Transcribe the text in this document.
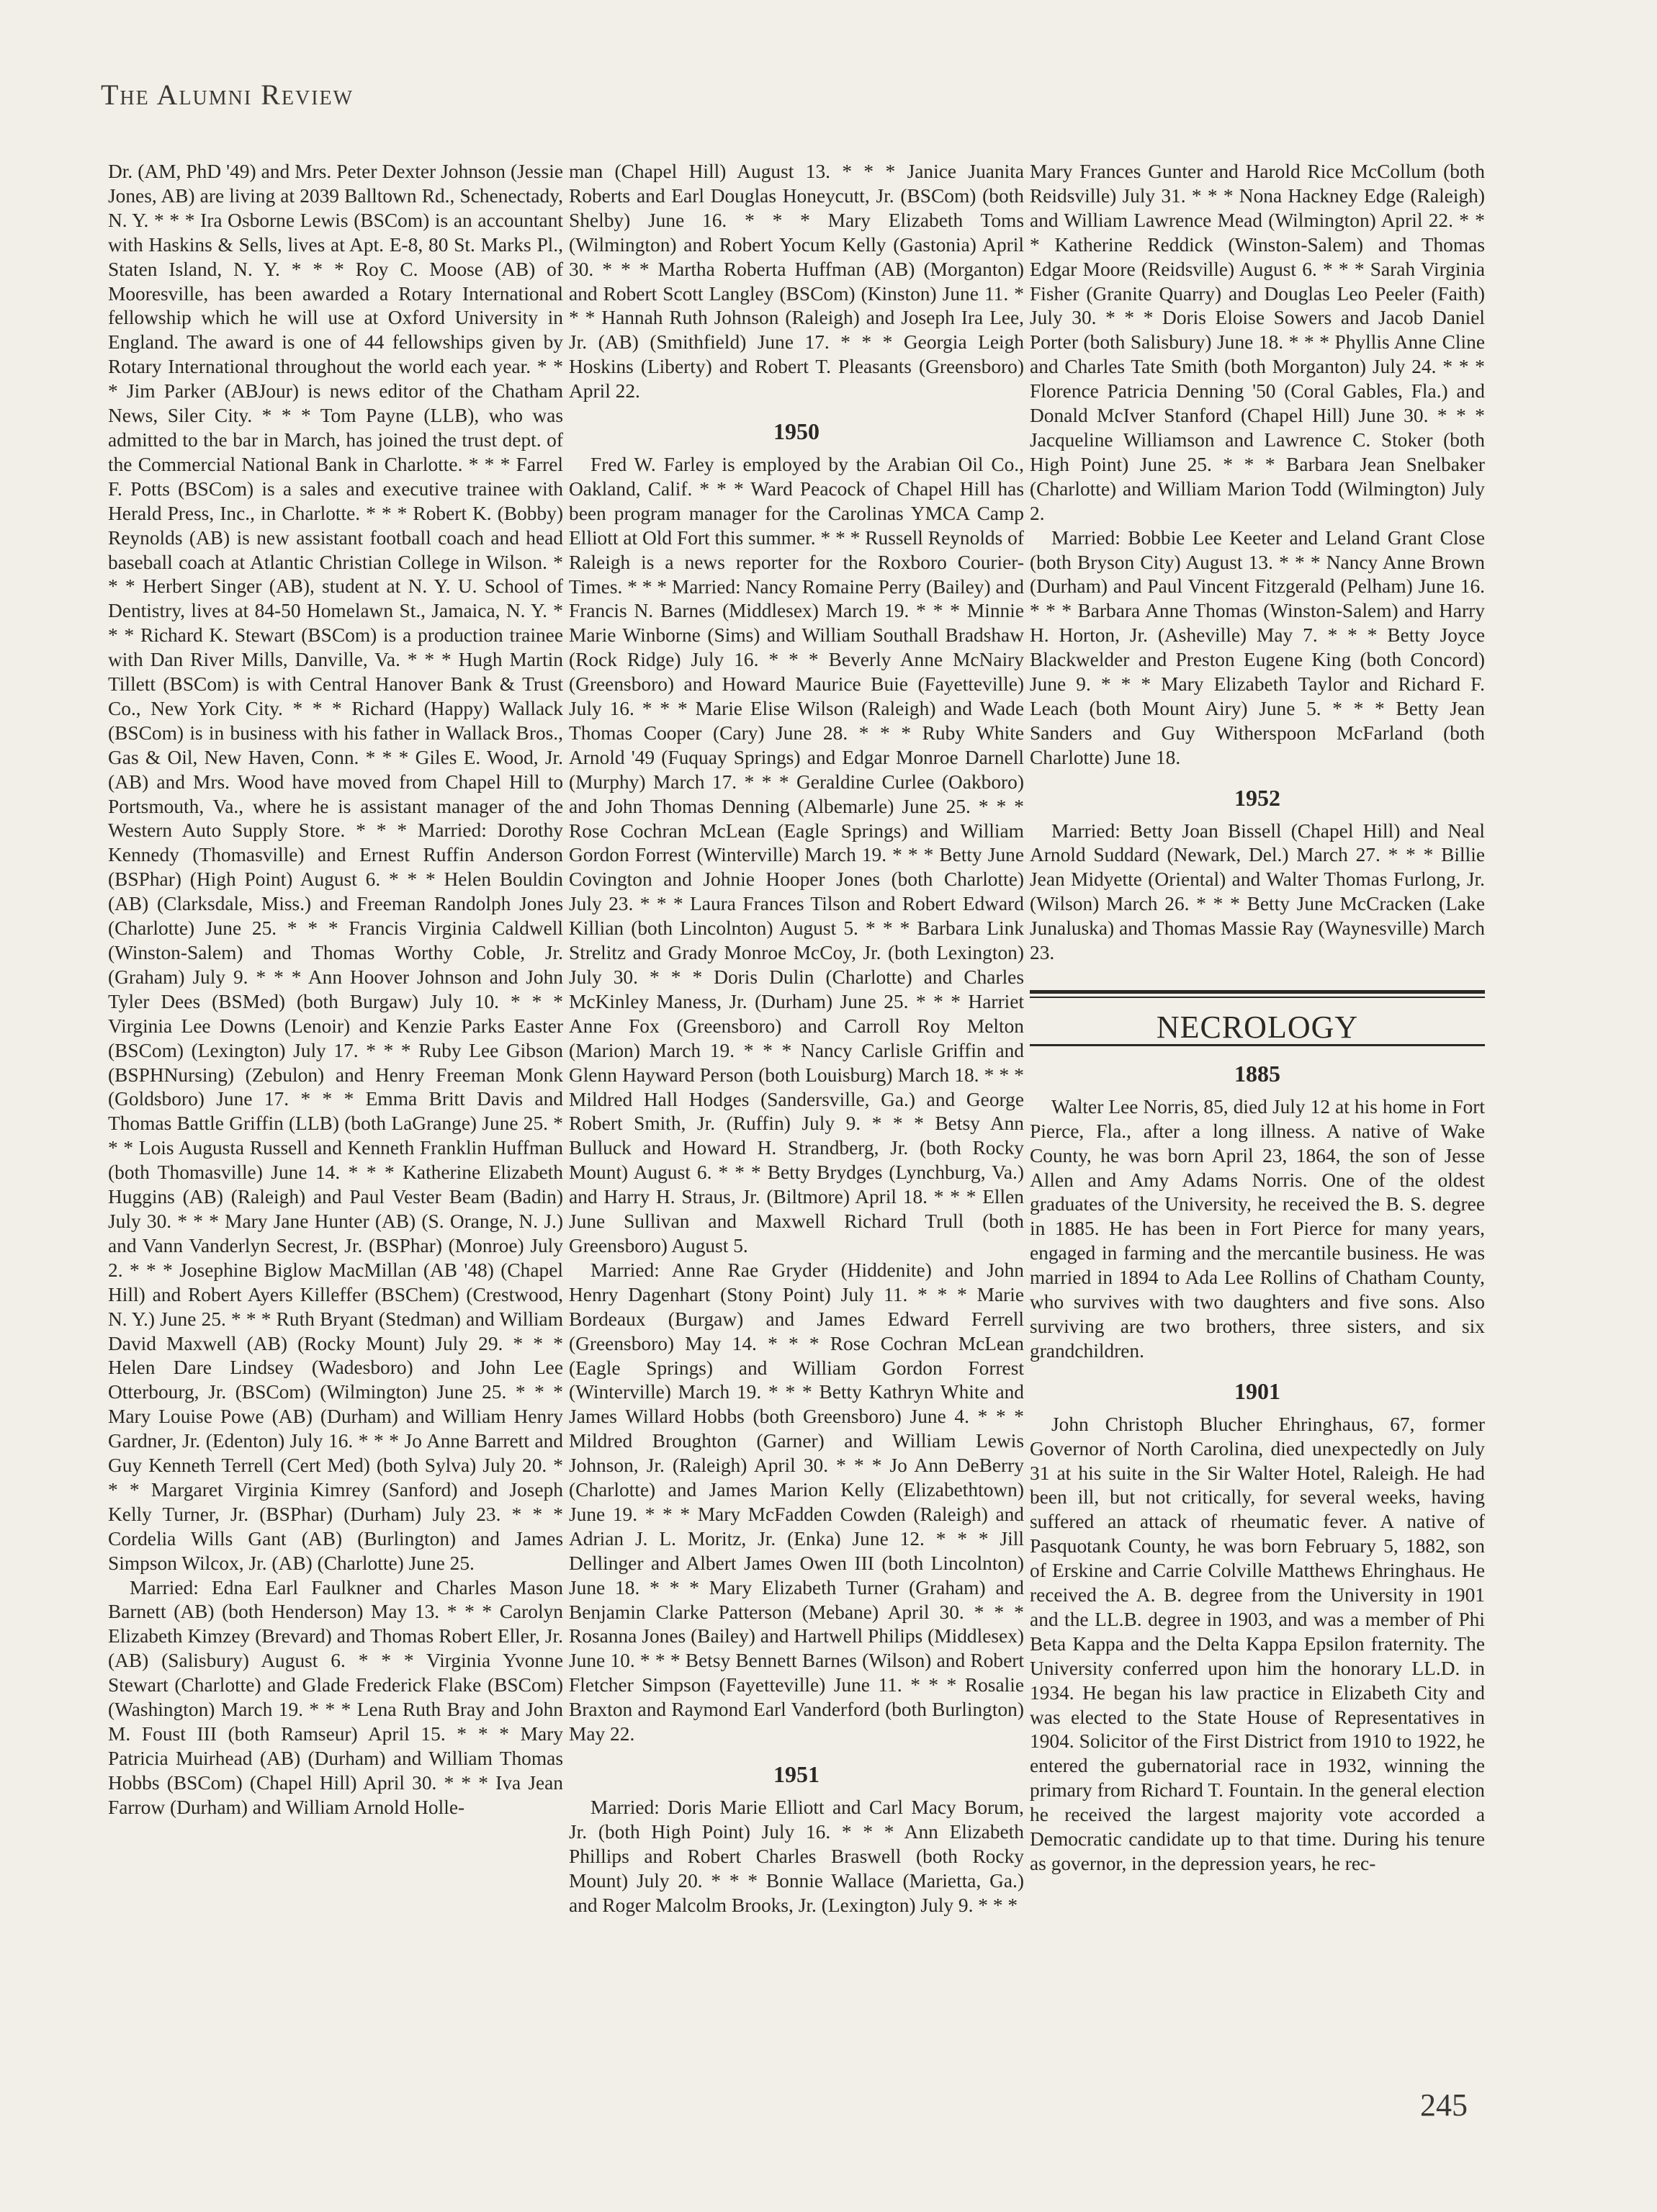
The Alumni Review

Dr. (AM, PhD '49) and Mrs. Peter Dexter Johnson (Jessie Jones, AB) are living at 2039 Balltown Rd., Schenectady, N. Y. * * * Ira Osborne Lewis (BSCom) is an accountant with Haskins & Sells, lives at Apt. E-8, 80 St. Marks Pl., Staten Island, N. Y. * * * Roy C. Moose (AB) of Mooresville, has been awarded a Rotary International fellowship which he will use at Oxford University in England. The award is one of 44 fellowships given by Rotary International throughout the world each year. * * * Jim Parker (ABJour) is news editor of the Chatham News, Siler City. * * * Tom Payne (LLB), who was admitted to the bar in March, has joined the trust dept. of the Commercial National Bank in Charlotte. * * * Farrel F. Potts (BSCom) is a sales and executive trainee with Herald Press, Inc., in Charlotte. * * * Robert K. (Bobby) Reynolds (AB) is new assistant football coach and head baseball coach at Atlantic Christian College in Wilson. * * * Herbert Singer (AB), student at N. Y. U. School of Dentistry, lives at 84-50 Homelawn St., Jamaica, N. Y. * * * Richard K. Stewart (BSCom) is a production trainee with Dan River Mills, Danville, Va. * * * Hugh Martin Tillett (BSCom) is with Central Hanover Bank & Trust Co., New York City. * * * Richard (Happy) Wallack (BSCom) is in business with his father in Wallack Bros., Gas & Oil, New Haven, Conn. * * * Giles E. Wood, Jr. (AB) and Mrs. Wood have moved from Chapel Hill to Portsmouth, Va., where he is assistant manager of the Western Auto Supply Store. * * * Married: Dorothy Kennedy (Thomasville) and Ernest Ruffin Anderson (BSPhar) (High Point) August 6. * * * Helen Bouldin (AB) (Clarksdale, Miss.) and Freeman Randolph Jones (Charlotte) June 25. * * * Francis Virginia Caldwell (Winston-Salem) and Thomas Worthy Coble, Jr. (Graham) July 9. * * * Ann Hoover Johnson and John Tyler Dees (BSMed) (both Burgaw) July 10. * * * Virginia Lee Downs (Lenoir) and Kenzie Parks Easter (BSCom) (Lexington) July 17. * * * Ruby Lee Gibson (BSPHNursing) (Zebulon) and Henry Freeman Monk (Goldsboro) June 17. * * * Emma Britt Davis and Thomas Battle Griffin (LLB) (both LaGrange) June 25. * * * Lois Augusta Russell and Kenneth Franklin Huffman (both Thomasville) June 14. * * * Katherine Elizabeth Huggins (AB) (Raleigh) and Paul Vester Beam (Badin) July 30. * * * Mary Jane Hunter (AB) (S. Orange, N. J.) and Vann Vanderlyn Secrest, Jr. (BSPhar) (Monroe) July 2. * * * Josephine Biglow MacMillan (AB '48) (Chapel Hill) and Robert Ayers Killeffer (BSChem) (Crestwood, N. Y.) June 25. * * * Ruth Bryant (Stedman) and William David Maxwell (AB) (Rocky Mount) July 29. * * * Helen Dare Lindsey (Wadesboro) and John Lee Otterbourg, Jr. (BSCom) (Wilmington) June 25. * * * Mary Louise Powe (AB) (Durham) and William Henry Gardner, Jr. (Edenton) July 16. * * * Jo Anne Barrett and Guy Kenneth Terrell (Cert Med) (both Sylva) July 20. * * * Margaret Virginia Kimrey (Sanford) and Joseph Kelly Turner, Jr. (BSPhar) (Durham) July 23. * * * Cordelia Wills Gant (AB) (Burlington) and James Simpson Wilcox, Jr. (AB) (Charlotte) June 25.

Married: Edna Earl Faulkner and Charles Mason Barnett (AB) (both Henderson) May 13. * * * Carolyn Elizabeth Kimzey (Brevard) and Thomas Robert Eller, Jr. (AB) (Salisbury) August 6. * * * Virginia Yvonne Stewart (Charlotte) and Glade Frederick Flake (BSCom) (Washington) March 19. * * * Lena Ruth Bray and John M. Foust III (both Ramseur) April 15. * * * Mary Patricia Muirhead (AB) (Durham) and William Thomas Hobbs (BSCom) (Chapel Hill) April 30. * * * Iva Jean Farrow (Durham) and William Arnold Holle-

man (Chapel Hill) August 13. * * * Janice Juanita Roberts and Earl Douglas Honeycutt, Jr. (BSCom) (both Shelby) June 16. * * * Mary Elizabeth Toms (Wilmington) and Robert Yocum Kelly (Gastonia) April 30. * * * Martha Roberta Huffman (AB) (Morganton) and Robert Scott Langley (BSCom) (Kinston) June 11. * * * Hannah Ruth Johnson (Raleigh) and Joseph Ira Lee, Jr. (AB) (Smithfield) June 17. * * * Georgia Leigh Hoskins (Liberty) and Robert T. Pleasants (Greensboro) April 22.

1950

Fred W. Farley is employed by the Arabian Oil Co., Oakland, Calif. * * * Ward Peacock of Chapel Hill has been program manager for the Carolinas YMCA Camp Elliott at Old Fort this summer. * * * Russell Reynolds of Raleigh is a news reporter for the Roxboro Courier-Times. * * * Married: Nancy Romaine Perry (Bailey) and Francis N. Barnes (Middlesex) March 19. * * * Minnie Marie Winborne (Sims) and William Southall Bradshaw (Rock Ridge) July 16. * * * Beverly Anne McNairy (Greensboro) and Howard Maurice Buie (Fayetteville) July 16. * * * Marie Elise Wilson (Raleigh) and Wade Thomas Cooper (Cary) June 28. * * * Ruby White Arnold '49 (Fuquay Springs) and Edgar Monroe Darnell (Murphy) March 17. * * * Geraldine Curlee (Oakboro) and John Thomas Denning (Albemarle) June 25. * * * Rose Cochran McLean (Eagle Springs) and William Gordon Forrest (Winterville) March 19. * * * Betty June Covington and Johnie Hooper Jones (both Charlotte) July 23. * * * Laura Frances Tilson and Robert Edward Killian (both Lincolnton) August 5. * * * Barbara Link Strelitz and Grady Monroe McCoy, Jr. (both Lexington) July 30. * * * Doris Dulin (Charlotte) and Charles McKinley Maness, Jr. (Durham) June 25. * * * Harriet Anne Fox (Greensboro) and Carroll Roy Melton (Marion) March 19. * * * Nancy Carlisle Griffin and Glenn Hayward Person (both Louisburg) March 18. * * * Mildred Hall Hodges (Sandersville, Ga.) and George Robert Smith, Jr. (Ruffin) July 9. * * * Betsy Ann Bulluck and Howard H. Strandberg, Jr. (both Rocky Mount) August 6. * * * Betty Brydges (Lynchburg, Va.) and Harry H. Straus, Jr. (Biltmore) April 18. * * * Ellen June Sullivan and Maxwell Richard Trull (both Greensboro) August 5.

Married: Anne Rae Gryder (Hiddenite) and John Henry Dagenhart (Stony Point) July 11. * * * Marie Bordeaux (Burgaw) and James Edward Ferrell (Greensboro) May 14. * * * Rose Cochran McLean (Eagle Springs) and William Gordon Forrest (Winterville) March 19. * * * Betty Kathryn White and James Willard Hobbs (both Greensboro) June 4. * * * Mildred Broughton (Garner) and William Lewis Johnson, Jr. (Raleigh) April 30. * * * Jo Ann DeBerry (Charlotte) and James Marion Kelly (Elizabethtown) June 19. * * * Mary McFadden Cowden (Raleigh) and Adrian J. L. Moritz, Jr. (Enka) June 12. * * * Jill Dellinger and Albert James Owen III (both Lincolnton) June 18. * * * Mary Elizabeth Turner (Graham) and Benjamin Clarke Patterson (Mebane) April 30. * * * Rosanna Jones (Bailey) and Hartwell Philips (Middlesex) June 10. * * * Betsy Bennett Barnes (Wilson) and Robert Fletcher Simpson (Fayetteville) June 11. * * * Rosalie Braxton and Raymond Earl Vanderford (both Burlington) May 22.

1951

Married: Doris Marie Elliott and Carl Macy Borum, Jr. (both High Point) July 16. * * * Ann Elizabeth Phillips and Robert Charles Braswell (both Rocky Mount) July 20. * * * Bonnie Wallace (Marietta, Ga.) and Roger Malcolm Brooks, Jr. (Lexington) July 9. * * *

Mary Frances Gunter and Harold Rice McCollum (both Reidsville) July 31. * * * Nona Hackney Edge (Raleigh) and William Lawrence Mead (Wilmington) April 22. * * * Katherine Reddick (Winston-Salem) and Thomas Edgar Moore (Reidsville) August 6. * * * Sarah Virginia Fisher (Granite Quarry) and Douglas Leo Peeler (Faith) July 30. * * * Doris Eloise Sowers and Jacob Daniel Porter (both Salisbury) June 18. * * * Phyllis Anne Cline and Charles Tate Smith (both Morganton) July 24. * * * Florence Patricia Denning '50 (Coral Gables, Fla.) and Donald McIver Stanford (Chapel Hill) June 30. * * * Jacqueline Williamson and Lawrence C. Stoker (both High Point) June 25. * * * Barbara Jean Snelbaker (Charlotte) and William Marion Todd (Wilmington) July 2.

Married: Bobbie Lee Keeter and Leland Grant Close (both Bryson City) August 13. * * * Nancy Anne Brown (Durham) and Paul Vincent Fitzgerald (Pelham) June 16. * * * Barbara Anne Thomas (Winston-Salem) and Harry H. Horton, Jr. (Asheville) May 7. * * * Betty Joyce Blackwelder and Preston Eugene King (both Concord) June 9. * * * Mary Elizabeth Taylor and Richard F. Leach (both Mount Airy) June 5. * * * Betty Jean Sanders and Guy Witherspoon McFarland (both Charlotte) June 18.

1952

Married: Betty Joan Bissell (Chapel Hill) and Neal Arnold Suddard (Newark, Del.) March 27. * * * Billie Jean Midyette (Oriental) and Walter Thomas Furlong, Jr. (Wilson) March 26. * * * Betty June McCracken (Lake Junaluska) and Thomas Massie Ray (Waynesville) March 23.

NECROLOGY
1885

Walter Lee Norris, 85, died July 12 at his home in Fort Pierce, Fla., after a long illness. A native of Wake County, he was born April 23, 1864, the son of Jesse Allen and Amy Adams Norris. One of the oldest graduates of the University, he received the B. S. degree in 1885. He has been in Fort Pierce for many years, engaged in farming and the mercantile business. He was married in 1894 to Ada Lee Rollins of Chatham County, who survives with two daughters and five sons. Also surviving are two brothers, three sisters, and six grandchildren.

1901

John Christoph Blucher Ehringhaus, 67, former Governor of North Carolina, died unexpectedly on July 31 at his suite in the Sir Walter Hotel, Raleigh. He had been ill, but not critically, for several weeks, having suffered an attack of rheumatic fever. A native of Pasquotank County, he was born February 5, 1882, son of Erskine and Carrie Colville Matthews Ehringhaus. He received the A. B. degree from the University in 1901 and the LL.B. degree in 1903, and was a member of Phi Beta Kappa and the Delta Kappa Epsilon fraternity. The University conferred upon him the honorary LL.D. in 1934. He began his law practice in Elizabeth City and was elected to the State House of Representatives in 1904. Solicitor of the First District from 1910 to 1922, he entered the gubernatorial race in 1932, winning the primary from Richard T. Fountain. In the general election he received the largest majority vote accorded a Democratic candidate up to that time. During his tenure as governor, in the depression years, he rec-

245
